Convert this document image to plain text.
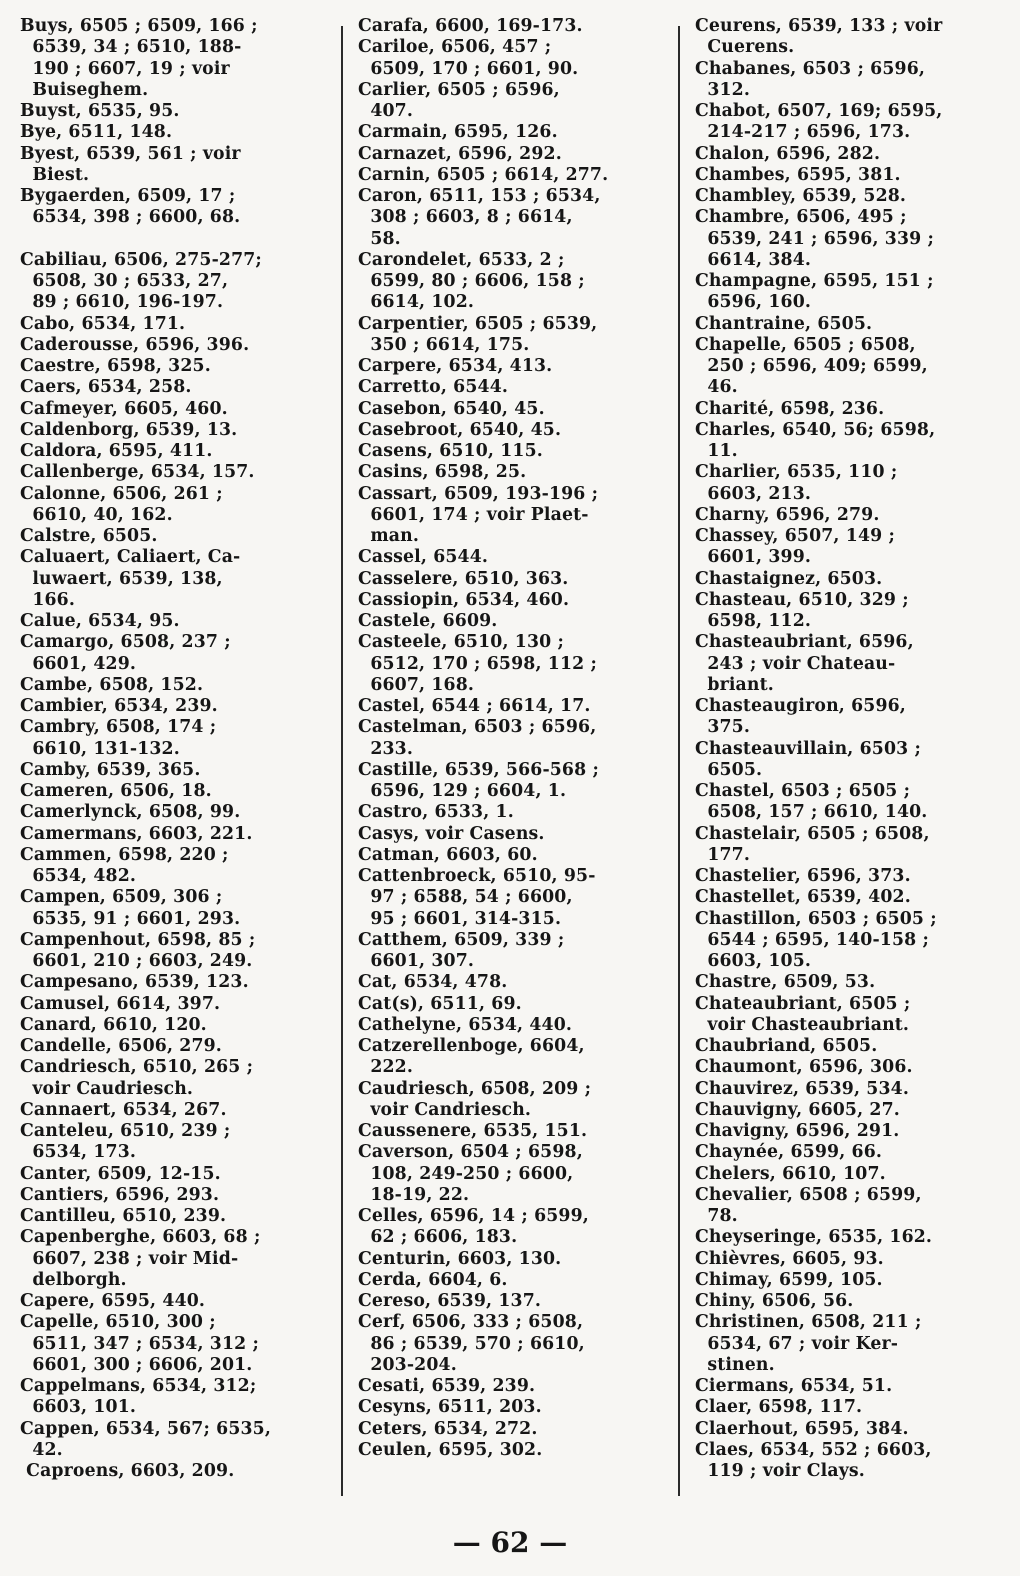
Buys, 6505 ; 6509, 166 ;
6539, 34 ; 6510, 188-
190 ; 6607, 19 ; voir
Buiseghem.
Buyst, 6535, 95.
Bye, 6511, 148.
Byest, 6539, 561 ; voir
Biest.
Bygaerden, 6509, 17 ;
6534, 398 ; 6600, 68.
Cabiliau, 6506, 275-277;
6508, 30 ; 6533, 27,
89 ; 6610, 196-197.
Cabo, 6534, 171.
Caderousse, 6596, 396.
Caestre, 6598, 325.
Caers, 6534, 258.
Cafmeyer, 6605, 460.
Caldenborg, 6539, 13.
Caldora, 6595, 411.
Callenberge, 6534, 157.
Calonne, 6506, 261 ;
6610, 40, 162.
Calstre, 6505.
Caluaert, Caliaert, Ca-
luwaert, 6539, 138,
166.
Calue, 6534, 95.
Camargo, 6508, 237 ;
6601, 429.
Cambe, 6508, 152.
Cambier, 6534, 239.
Cambry, 6508, 174 ;
6610, 131-132.
Camby, 6539, 365.
Cameren, 6506, 18.
Camerlynck, 6508, 99.
Camermans, 6603, 221.
Cammen, 6598, 220 ;
6534, 482.
Campen, 6509, 306 ;
6535, 91 ; 6601, 293.
Campenhout, 6598, 85 ;
6601, 210 ; 6603, 249.
Campesano, 6539, 123.
Camusel, 6614, 397.
Canard, 6610, 120.
Candelle, 6506, 279.
Candriesch, 6510, 265 ;
voir Caudriesch.
Cannaert, 6534, 267.
Canteleu, 6510, 239 ;
6534, 173.
Canter, 6509, 12-15.
Cantiers, 6596, 293.
Cantilleu, 6510, 239.
Capenberghe, 6603, 68 ;
6607, 238 ; voir Mid-
delborgh.
Capere, 6595, 440.
Capelle, 6510, 300 ;
6511, 347 ; 6534, 312 ;
6601, 300 ; 6606, 201.
Cappelmans, 6534, 312;
6603, 101.
Cappen, 6534, 567; 6535,
42.
Caproens, 6603, 209.
Carafa, 6600, 169-173.
Cariloe, 6506, 457 ;
6509, 170 ; 6601, 90.
Carlier, 6505 ; 6596,
407.
Carmain, 6595, 126.
Carnazet, 6596, 292.
Carnin, 6505 ; 6614, 277.
Caron, 6511, 153 ; 6534,
308 ; 6603, 8 ; 6614,
58.
Carondelet, 6533, 2 ;
6599, 80 ; 6606, 158 ;
6614, 102.
Carpentier, 6505 ; 6539,
350 ; 6614, 175.
Carpere, 6534, 413.
Carretto, 6544.
Casebon, 6540, 45.
Casebroot, 6540, 45.
Casens, 6510, 115.
Casins, 6598, 25.
Cassart, 6509, 193-196 ;
6601, 174 ; voir Plaet-
man.
Cassel, 6544.
Casselere, 6510, 363.
Cassiopin, 6534, 460.
Castele, 6609.
Casteele, 6510, 130 ;
6512, 170 ; 6598, 112 ;
6607, 168.
Castel, 6544 ; 6614, 17.
Castelman, 6503 ; 6596,
233.
Castille, 6539, 566-568 ;
6596, 129 ; 6604, 1.
Castro, 6533, 1.
Casys, voir Casens.
Catman, 6603, 60.
Cattenbroeck, 6510, 95-
97 ; 6588, 54 ; 6600,
95 ; 6601, 314-315.
Catthem, 6509, 339 ;
6601, 307.
Cat, 6534, 478.
Cat(s), 6511, 69.
Cathelyne, 6534, 440.
Catzerellenboge, 6604,
222.
Caudriesch, 6508, 209 ;
voir Candriesch.
Caussenere, 6535, 151.
Caverson, 6504 ; 6598,
108, 249-250 ; 6600,
18-19, 22.
Celles, 6596, 14 ; 6599,
62 ; 6606, 183.
Centurin, 6603, 130.
Cerda, 6604, 6.
Cereso, 6539, 137.
Cerf, 6506, 333 ; 6508,
86 ; 6539, 570 ; 6610,
203-204.
Cesati, 6539, 239.
Cesyns, 6511, 203.
Ceters, 6534, 272.
Ceulen, 6595, 302.
Ceurens, 6539, 133 ; voir
Cuerens.
Chabanes, 6503 ; 6596,
312.
Chabot, 6507, 169; 6595,
214-217 ; 6596, 173.
Chalon, 6596, 282.
Chambes, 6595, 381.
Chambley, 6539, 528.
Chambre, 6506, 495 ;
6539, 241 ; 6596, 339 ;
6614, 384.
Champagne, 6595, 151 ;
6596, 160.
Chantraine, 6505.
Chapelle, 6505 ; 6508,
250 ; 6596, 409; 6599,
46.
Charité, 6598, 236.
Charles, 6540, 56; 6598,
11.
Charlier, 6535, 110 ;
6603, 213.
Charny, 6596, 279.
Chassey, 6507, 149 ;
6601, 399.
Chastaignez, 6503.
Chasteau, 6510, 329 ;
6598, 112.
Chasteaubriant, 6596,
243 ; voir Chateau-
briant.
Chasteaugiron, 6596,
375.
Chasteauvillain, 6503 ;
6505.
Chastel, 6503 ; 6505 ;
6508, 157 ; 6610, 140.
Chastelair, 6505 ; 6508,
177.
Chastelier, 6596, 373.
Chastellet, 6539, 402.
Chastillon, 6503 ; 6505 ;
6544 ; 6595, 140-158 ;
6603, 105.
Chastre, 6509, 53.
Chateaubriant, 6505 ;
voir Chasteaubriant.
Chaubriand, 6505.
Chaumont, 6596, 306.
Chauvirez, 6539, 534.
Chauvigny, 6605, 27.
Chavigny, 6596, 291.
Chaynée, 6599, 66.
Chelers, 6610, 107.
Chevalier, 6508 ; 6599,
78.
Cheyseringe, 6535, 162.
Chièvres, 6605, 93.
Chimay, 6599, 105.
Chiny, 6506, 56.
Christinen, 6508, 211 ;
6534, 67 ; voir Ker-
stinen.
Ciermans, 6534, 51.
Claer, 6598, 117.
Claerhout, 6595, 384.
Claes, 6534, 552 ; 6603,
119 ; voir Clays.
— 62 —
